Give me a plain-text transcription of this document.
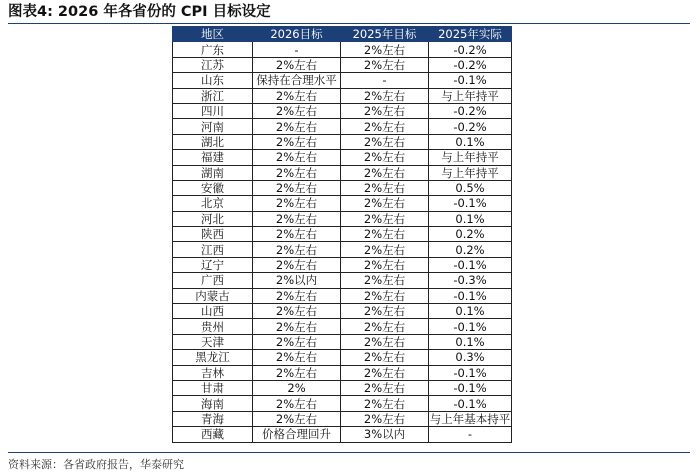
图表4: 2026 年各省份的 CPI 目标设定
地区	2026目标	2025年目标	2025年实际
广东	-	2%左右	-0.2%
江苏	2%左右	2%左右	-0.2%
山东	保持在合理水平	-	-0.1%
浙江	2%左右	2%左右	与上年持平
四川	2%左右	2%左右	-0.2%
河南	2%左右	2%左右	-0.2%
湖北	2%左右	2%左右	0.1%
福建	2%左右	2%左右	与上年持平
湖南	2%左右	2%左右	与上年持平
安徽	2%左右	2%左右	0.5%
北京	2%左右	2%左右	-0.1%
河北	2%左右	2%左右	0.1%
陕西	2%左右	2%左右	0.2%
江西	2%左右	2%左右	0.2%
辽宁	2%左右	2%左右	-0.1%
广西	2%以内	2%左右	-0.3%
内蒙古	2%左右	2%左右	-0.1%
山西	2%左右	2%左右	0.1%
贵州	2%左右	2%左右	-0.1%
天津	2%左右	2%左右	0.1%
黑龙江	2%左右	2%左右	0.3%
吉林	2%左右	2%左右	-0.1%
甘肃	2%	2%左右	-0.1%
海南	2%左右	2%左右	-0.1%
青海	2%左右	2%左右	与上年基本持平
西藏	价格合理回升	3%以内	-
资料来源：各省政府报告，华泰研究
